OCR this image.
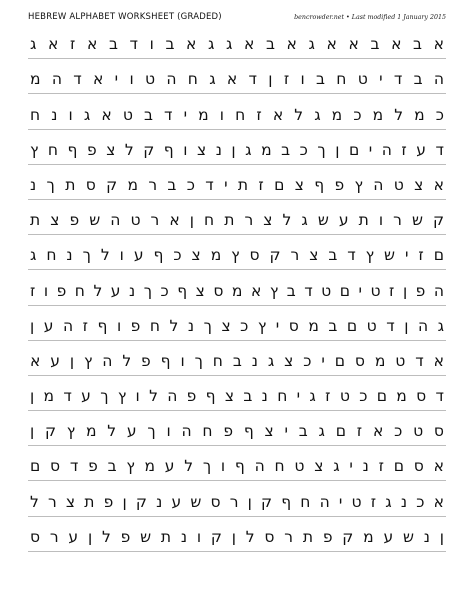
HEBREW ALPHABET WORKSHEET (GRADED)	bencrowder.net • Last modified 1 January 2015
א ב א ב א א ג א ב א ג ג א ב ו ד ב א ז א ג
ה ב ד י ט ח ב ו ז ן ד א ג ח ה ט ו י א ד ה מ
כ מ ל מ כ מ ג ל א ז ח ו מ י ד ב ט א ג ו נ ח
ד ע ז ה י ם ן ך כ ב מ ג ן נ צ ו ף ק ל צ פ ף ח ץ
א צ ט ה ץ פ ף צ ם ז ת י ד כ ב ר מ ק ס ת ך נ
ק ש ר ו ת ע ש ג ל צ ר ת ח ן א ר ט ה ש פ צ ת
ם ז י ש ץ ד ב צ ר ק ס ץ מ צ כ ף ע ו ל ך נ ח ג
ה פ ן ז ט י ם ט ד ב ץ א מ ס צ ף כ ך נ ע ל ח פ ו ז
ג ה ן ד ט ם ב מ ס י ץ כ צ ך נ ל ח פ ו ף ז ה ע ן
א ד ט מ ס ם י כ צ ג נ ב ח ך ו ף פ ל ה ץ ן ע א
ד ס מ ם כ ט ז ג י ח נ ב צ ף פ ה ל ו ץ ך ע ד מ ן
ס ט כ א ז ם ג ב י צ ף פ ח ה ו ך ע ל מ ץ ק ן
א ס ם ז נ י ג צ ט ח ה ף ו ך ל ע מ ץ ב פ ד ס ם
א כ נ ג ז ט י ה ח ף ק ן ר ס ש ע נ ק ן פ ת צ ר ל
ן נ ש ע מ ק פ ת ר ס ל ן ק ו נ ת ש פ ל ן ע ר ס
